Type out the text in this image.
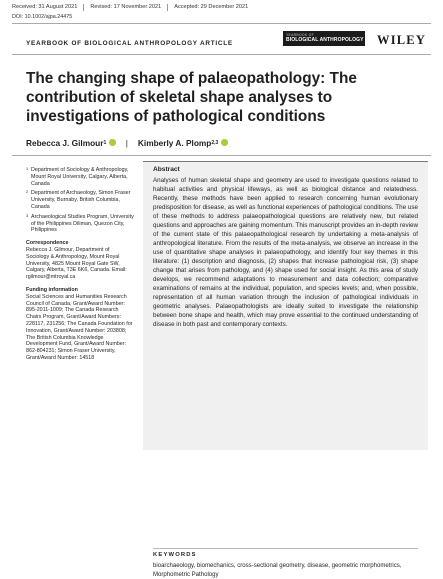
Received: 31 August 2021	Revised: 17 November 2021	Accepted: 29 December 2021
DOI: 10.1002/ajpa.24475
YEARBOOK OF BIOLOGICAL ANTHROPOLOGY ARTICLE
YEARBOOK OF
BIOLOGICAL ANTHROPOLOGY WILEY
The changing shape of palaeopathology: The contribution of skeletal shape analyses to investigations of pathological conditions
Rebecca J. Gilmour 1 | Kimberly A. Plomp 2,3
1 Department of Sociology & Anthropology, Mount Royal University, Calgary, Alberta, Canada
2 Department of Archaeology, Simon Fraser University, Burnaby, British Columbia, Canada
3 Archaeological Studies Program, University of the Philippines Diliman, Quezon City, Philippines
Correspondence
Rebecca J. Gilmour, Department of Sociology & Anthropology, Mount Royal University, 4825 Mount Royal Gate SW, Calgary, Alberta, T3E 6K6, Canada. Email: rgilmour@mtroyal.ca
Funding information
Social Sciences and Humanities Research Council of Canada, Grant/Award Number: 895-2011-1009; The Canada Research Chairs Program, Grant/Award Numbers: 228117, 231256; The Canada Foundation for Innovation, Grant/Award Number: 203808; The British Columbia Knowledge Development Fund, Grant/Award Number: 862-804231; Simon Fraser University, Grant/Award Number: 14518
Abstract
Analyses of human skeletal shape and geometry are used to investigate questions related to habitual activities and physical lifeways, as well as biological distance and relatedness. Recently, these methods have been applied to research concerning human evolutionary predisposition for disease, as well as functional experiences of pathological conditions. The use of these methods to address palaeopathological questions are relatively new, but related questions and approaches are gaining momentum. This manuscript provides an in-depth review of the current state of this palaeopathological research by undertaking a meta-analysis of anthropological literature. From the results of the meta-analysis, we observe an increase in the use of quantitative shape analyses in palaeopathology, and identify four key themes in this literature: (1) description and diagnosis, (2) shapes that increase pathological risk, (3) shape change that arises from pathology, and (4) shape used for social insight. As this area of study develops, we recommend adaptations to measurement and data collection; comparative examinations of remains at the individual, population, and species levels; and, when possible, representation of all human variation through the inclusion of pathological individuals in geometric analyses. Palaeopathologists are ideally suited to investigate the relationship between bone shape and health, which may prove essential to the continued understanding of disease in both past and contemporary contexts.
KEYWORDS
bioarchaeology, biomechanics, cross-sectional geometry, disease, geometric morphometrics, Morphometric Pathology
